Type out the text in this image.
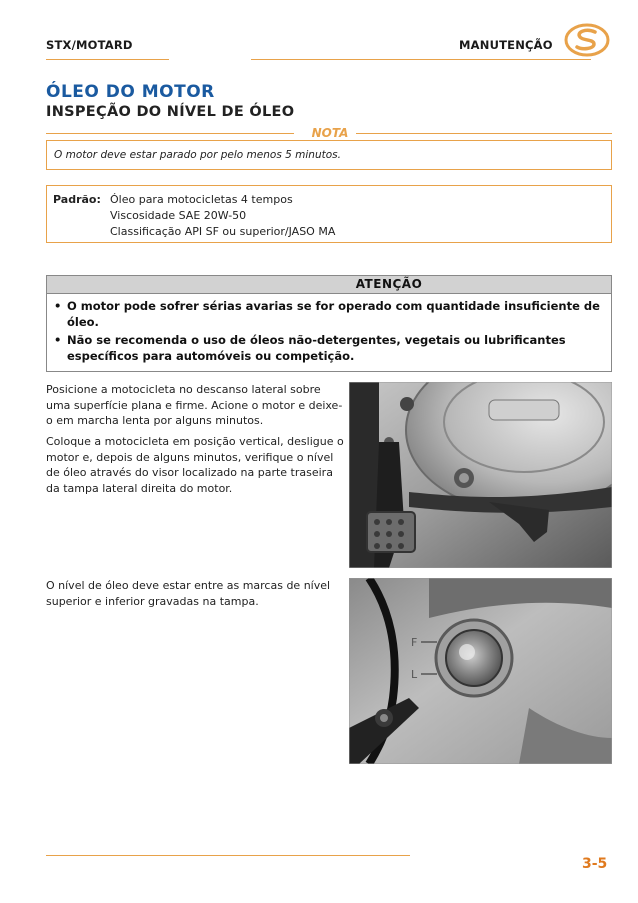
STX/MOTARD	MANUTENÇÃO
ÓLEO DO MOTOR
INSPEÇÃO DO NÍVEL DE ÓLEO
NOTA
O motor deve estar parado por pelo menos 5 minutos.
Padrão: Óleo para motocicletas 4 tempos
Viscosidade SAE 20W-50
Classificação API SF ou superior/JASO MA
ATENÇÃO
• O motor pode sofrer sérias avarias se for operado com quantidade insuficiente de óleo.
• Não se recomenda o uso de óleos não-detergentes, vegetais ou lubrificantes específicos para automóveis ou competição.
Posicione a motocicleta no descanso lateral sobre uma superfície plana e firme. Acione o motor e deixe-o em marcha lenta por alguns minutos.
Coloque a motocicleta em posição vertical, desligue o motor e, depois de alguns minutos, verifique o nível de óleo através do visor localizado na parte traseira da tampa lateral direita do motor.
O nível de óleo deve estar entre as marcas de nível superior e inferior gravadas na tampa.
F
L
3-5
